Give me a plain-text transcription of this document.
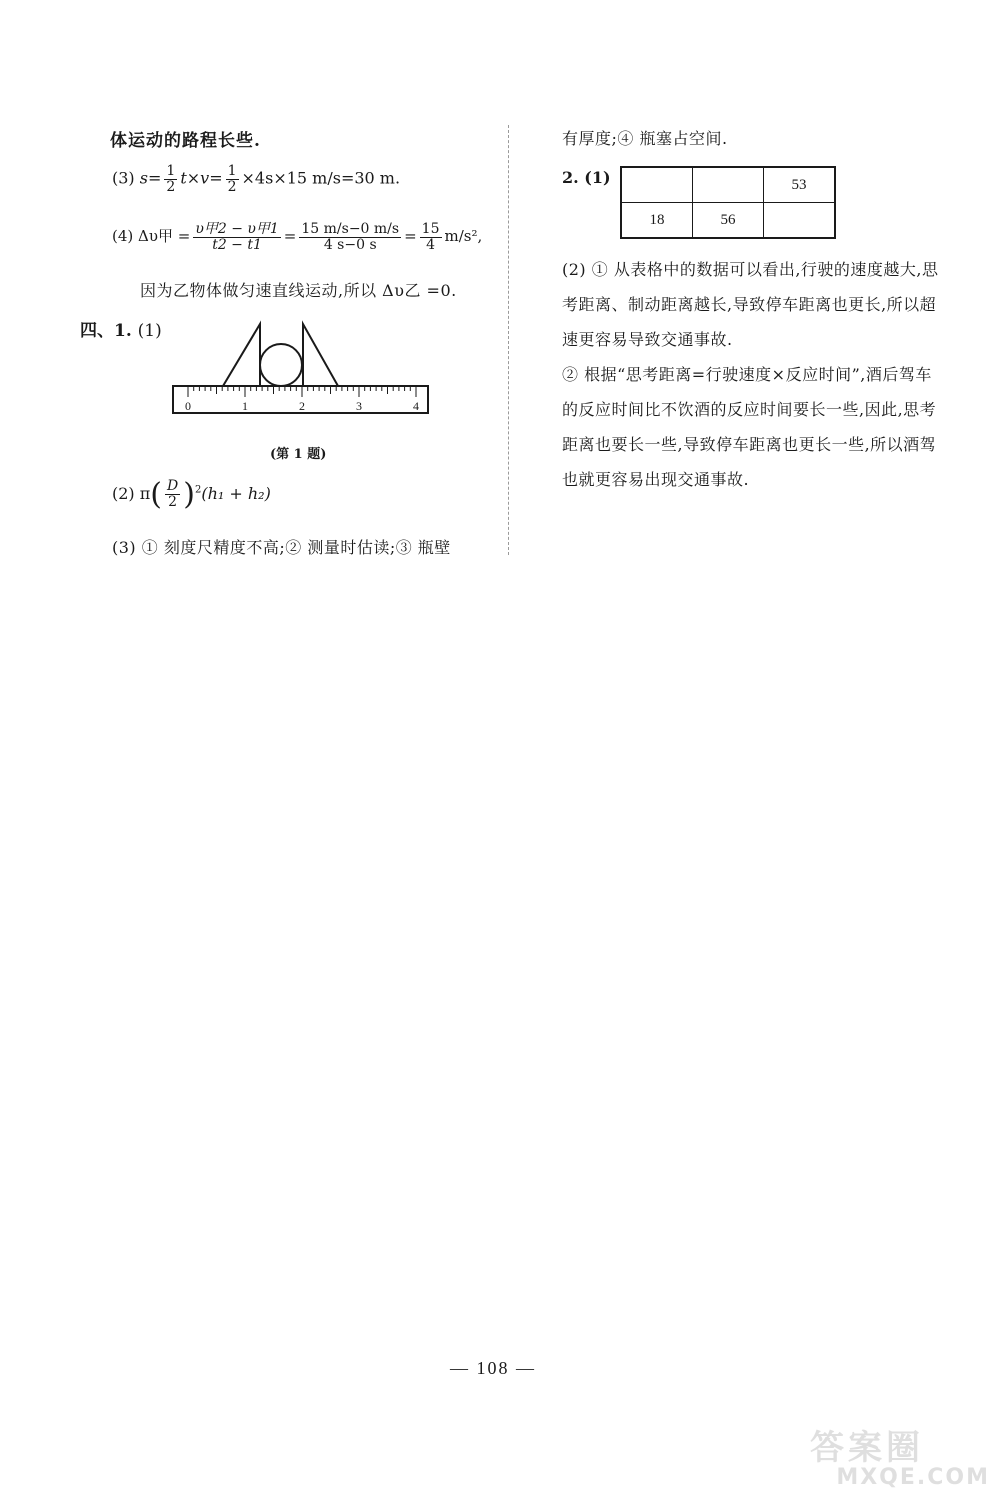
体运动的路程长些.
(3) $s= \frac{1}{2} t\times v= \frac{1}{2} \times 4s\times 15$ m/s=30 m.
(4) Δυ甲 = $\frac{\text{υ甲2 − υ甲1}}{t2 - t1} = \frac{15 m/s-0 m/s}{4 s-0 s} = \frac{15}{4} m/s^2$,
因为乙物体做匀速直线运动,所以 Δυ乙 =0.
四、1. (1)
0	1	2	3	4
(第 1 题)
(2) $\pi( \frac{D}{2} )^2(h_1 + h_2)$
(3) ① 刻度尺精度不高;② 测量时估读;③ 瓶壁
有厚度;④ 瓶塞占空间.
2. (1)
			53
18	56	
(2) ① 从表格中的数据可以看出,行驶的速度越大,思考距离、制动距离越长,导致停车距离也更长,所以超速更容易导致交通事故.
② 根据“思考距离=行驶速度×反应时间”,酒后驾车的反应时间比不饮酒的反应时间要长一些,因此,思考距离也要长一些,导致停车距离也更长一些,所以酒驾也就更容易出现交通事故.
— 108 —
答案圈
MXQE.COM
